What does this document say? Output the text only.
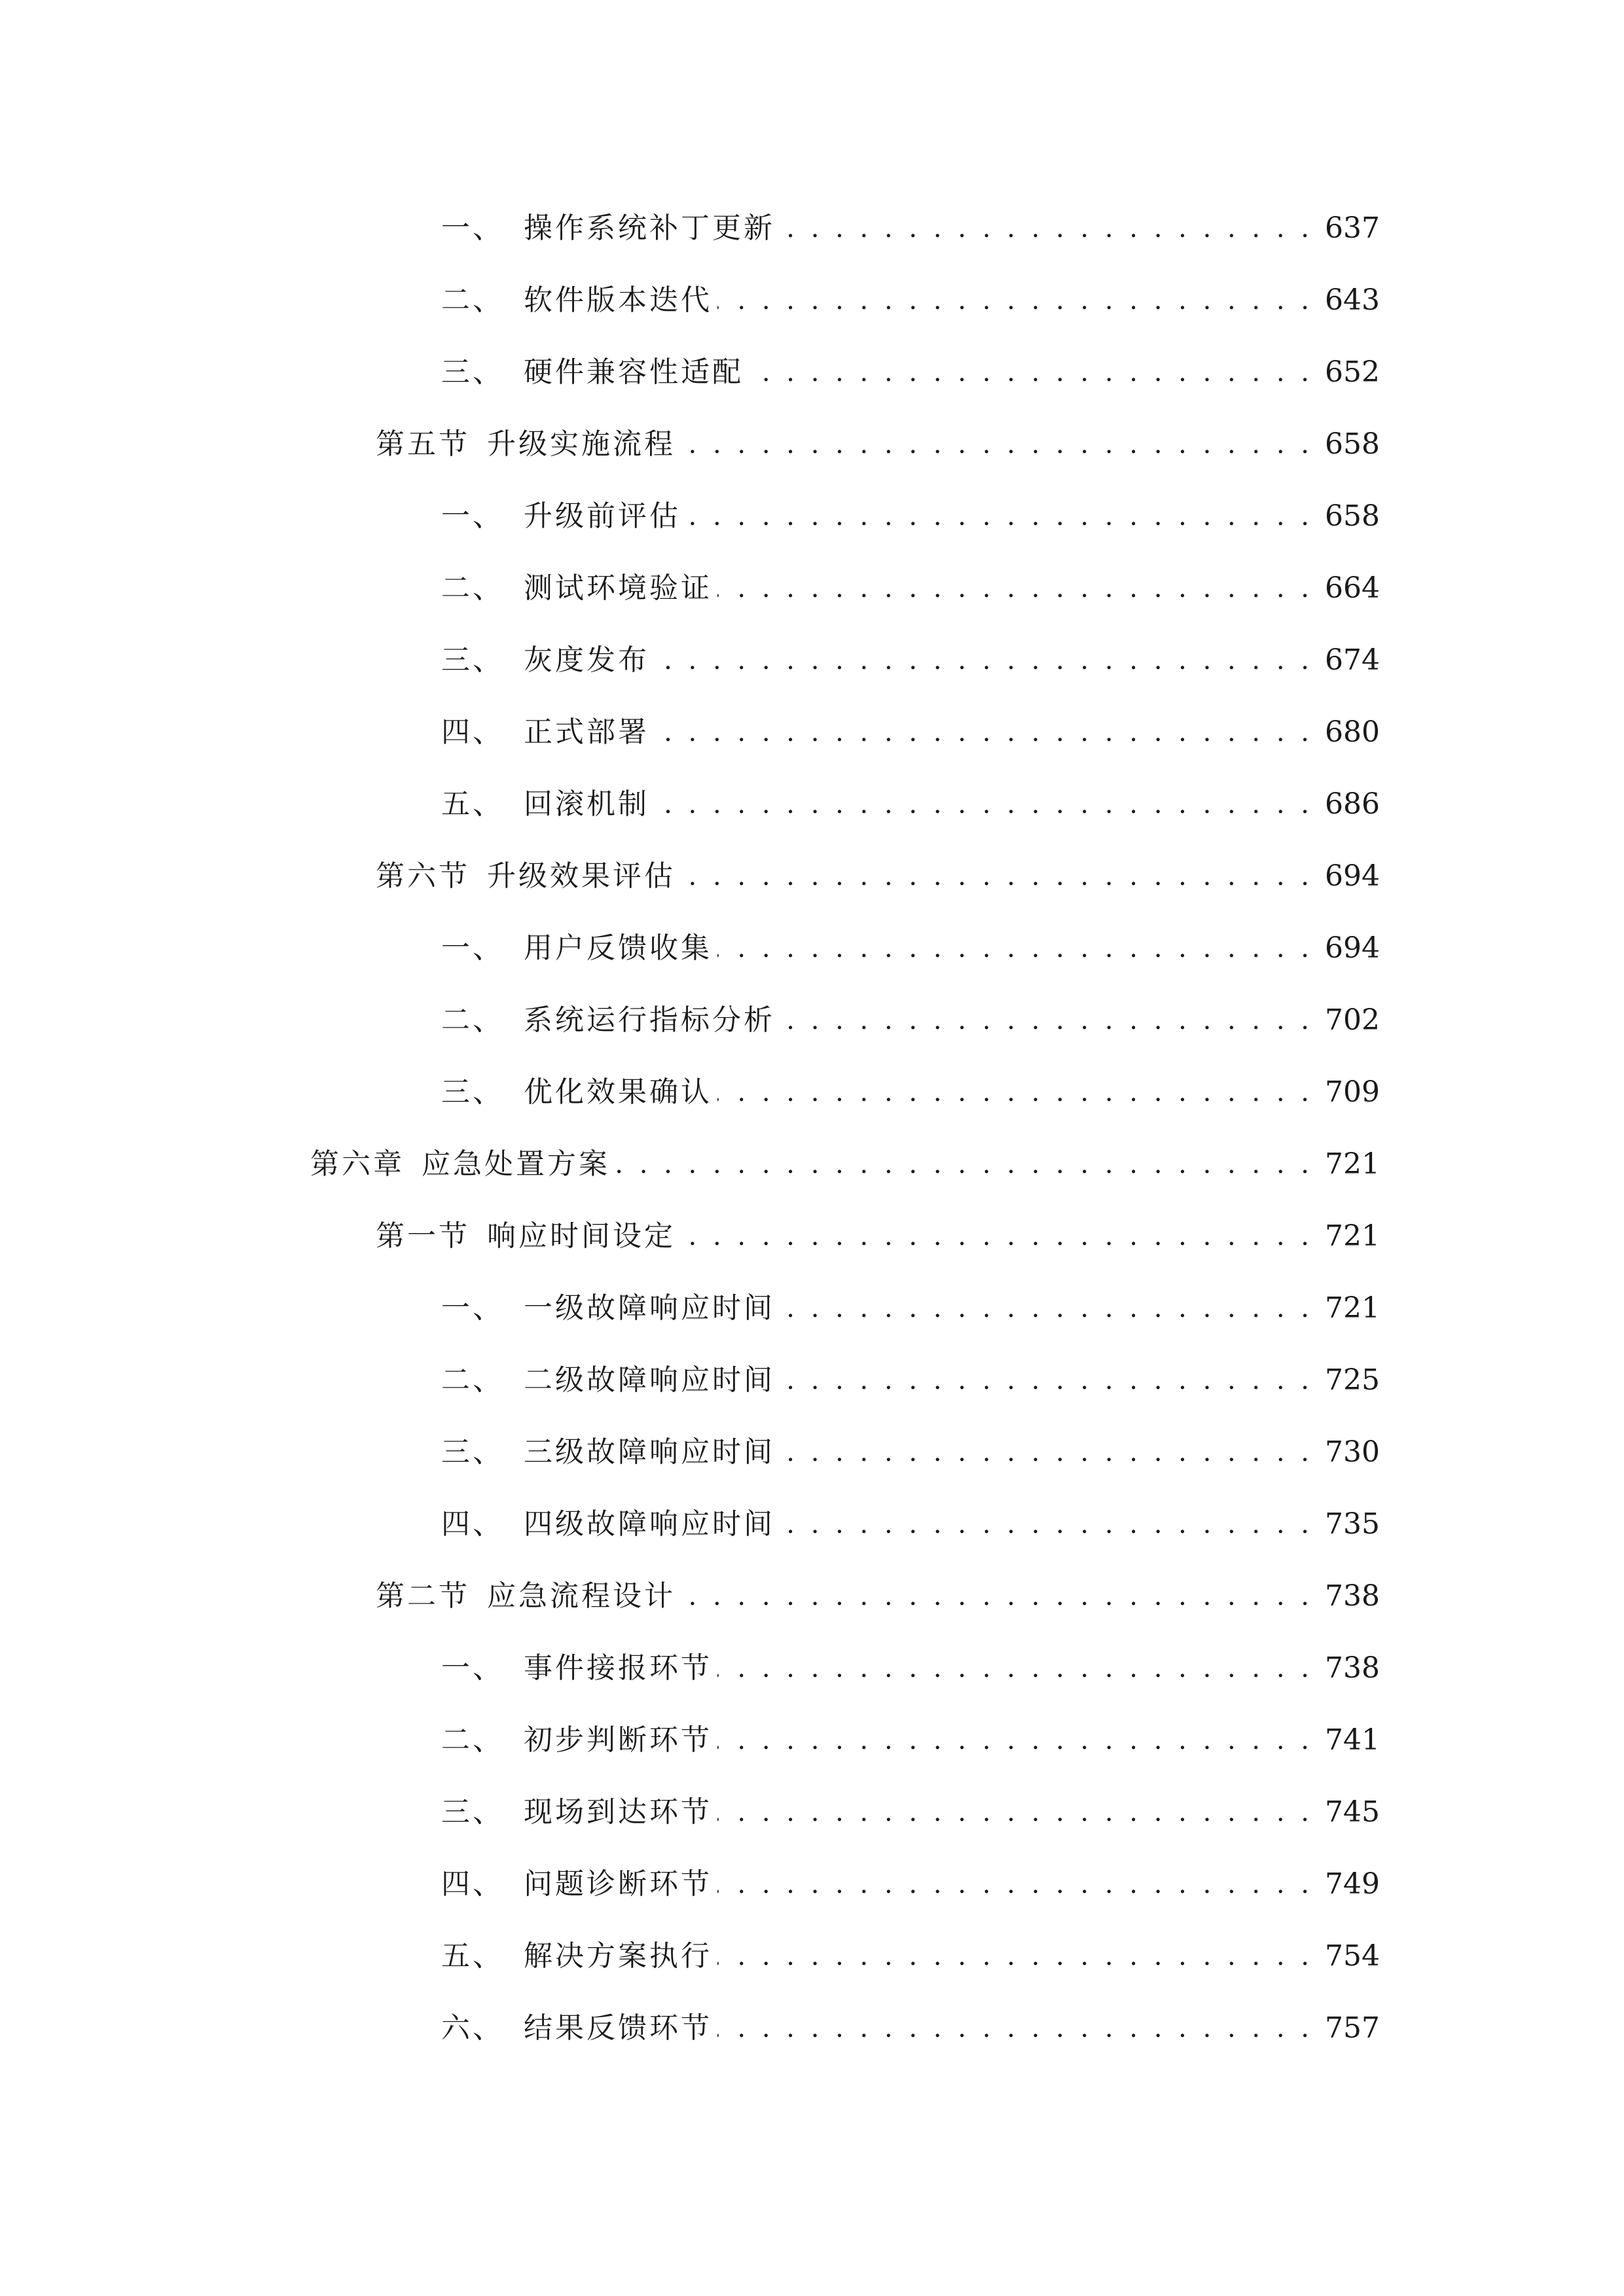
一、 操作系统补丁更新 . . .	637
二、 软件版本迭代 . . .	643
三、 硬件兼容性适配 . . .	652
第五节 升级实施流程 . . .	658
一、 升级前评估 . . .	658
二、 测试环境验证 . . .	664
三、 灰度发布 . . .	674
四、 正式部署 . . .	680
五、 回滚机制 . . .	686
第六节 升级效果评估 . . .	694
一、 用户反馈收集 . . .	694
二、 系统运行指标分析 . . .	702
三、 优化效果确认 . . .	709
第六章 应急处置方案 . . .	721
第一节 响应时间设定 . . .	721
一、 一级故障响应时间 . . .	721
二、 二级故障响应时间 . . .	725
三、 三级故障响应时间 . . .	730
四、 四级故障响应时间 . . .	735
第二节 应急流程设计 . . .	738
一、 事件接报环节 . . .	738
二、 初步判断环节 . . .	741
三、 现场到达环节 . . .	745
四、 问题诊断环节 . . .	749
五、 解决方案执行 . . .	754
六、 结果反馈环节 . . .	757
